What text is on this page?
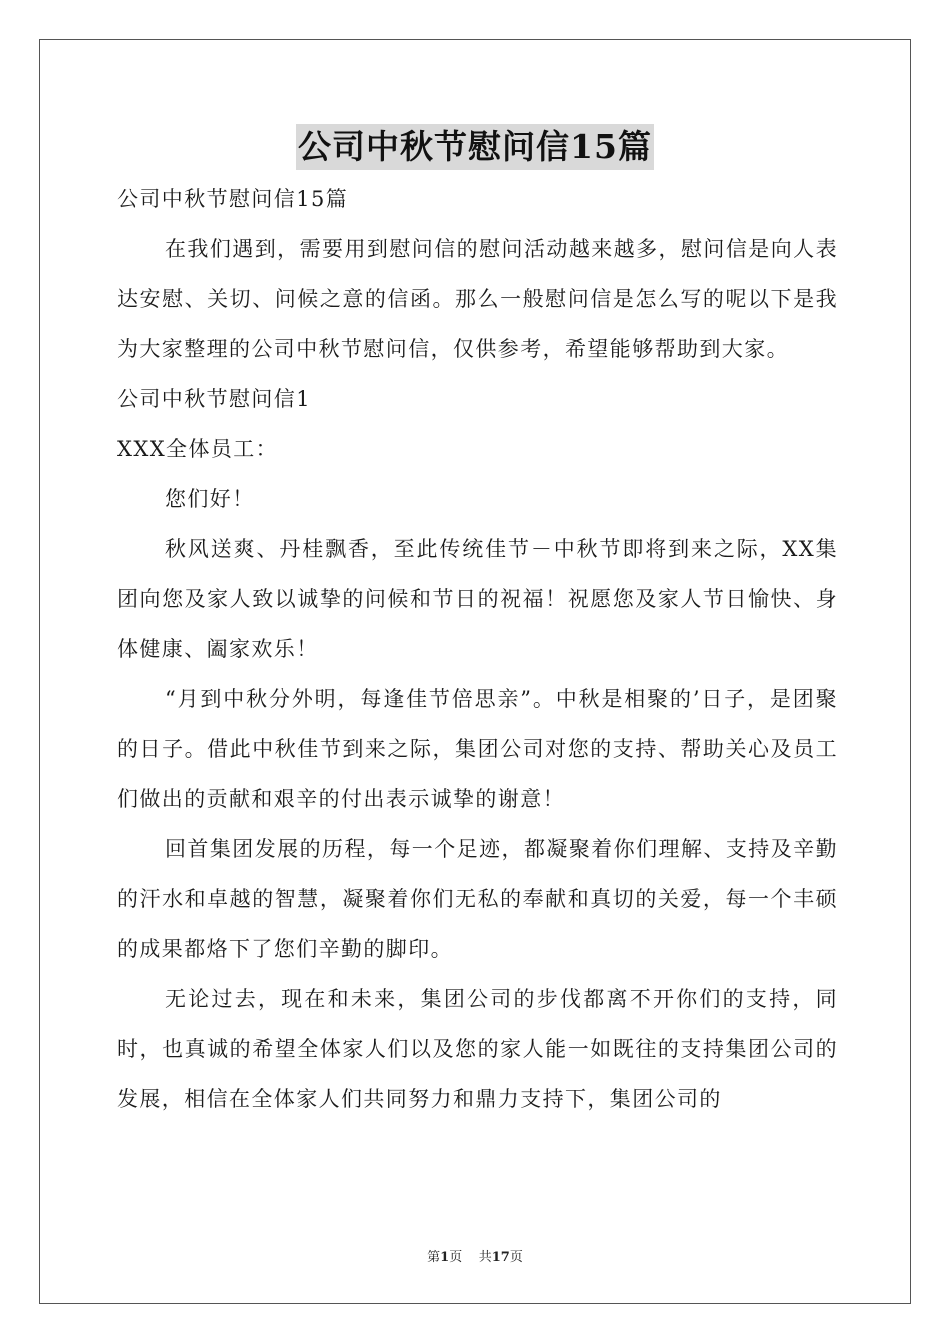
公司中秋节慰问信15篇

公司中秋节慰问信15篇

在我们遇到，需要用到慰问信的慰问活动越来越多，慰问信是向人表达安慰、关切、问候之意的信函。那么一般慰问信是怎么写的呢以下是我为大家整理的公司中秋节慰问信，仅供参考，希望能够帮助到大家。

公司中秋节慰问信1

XXX全体员工：

您们好！

秋风送爽、丹桂飘香，至此传统佳节－中秋节即将到来之际，XX集团向您及家人致以诚挚的问候和节日的祝福！祝愿您及家人节日愉快、身体健康、阖家欢乐！

“月到中秋分外明，每逢佳节倍思亲”。中秋是相聚的’日子，是团聚的日子。借此中秋佳节到来之际，集团公司对您的支持、帮助关心及员工们做出的贡献和艰辛的付出表示诚挚的谢意！

回首集团发展的历程，每一个足迹，都凝聚着你们理解、支持及辛勤的汗水和卓越的智慧，凝聚着你们无私的奉献和真切的关爱，每一个丰硕的成果都烙下了您们辛勤的脚印。

无论过去，现在和未来，集团公司的步伐都离不开你们的支持，同时，也真诚的希望全体家人们以及您的家人能一如既往的支持集团公司的发展，相信在全体家人们共同努力和鼎力支持下，集团公司的

第1页 共17页
